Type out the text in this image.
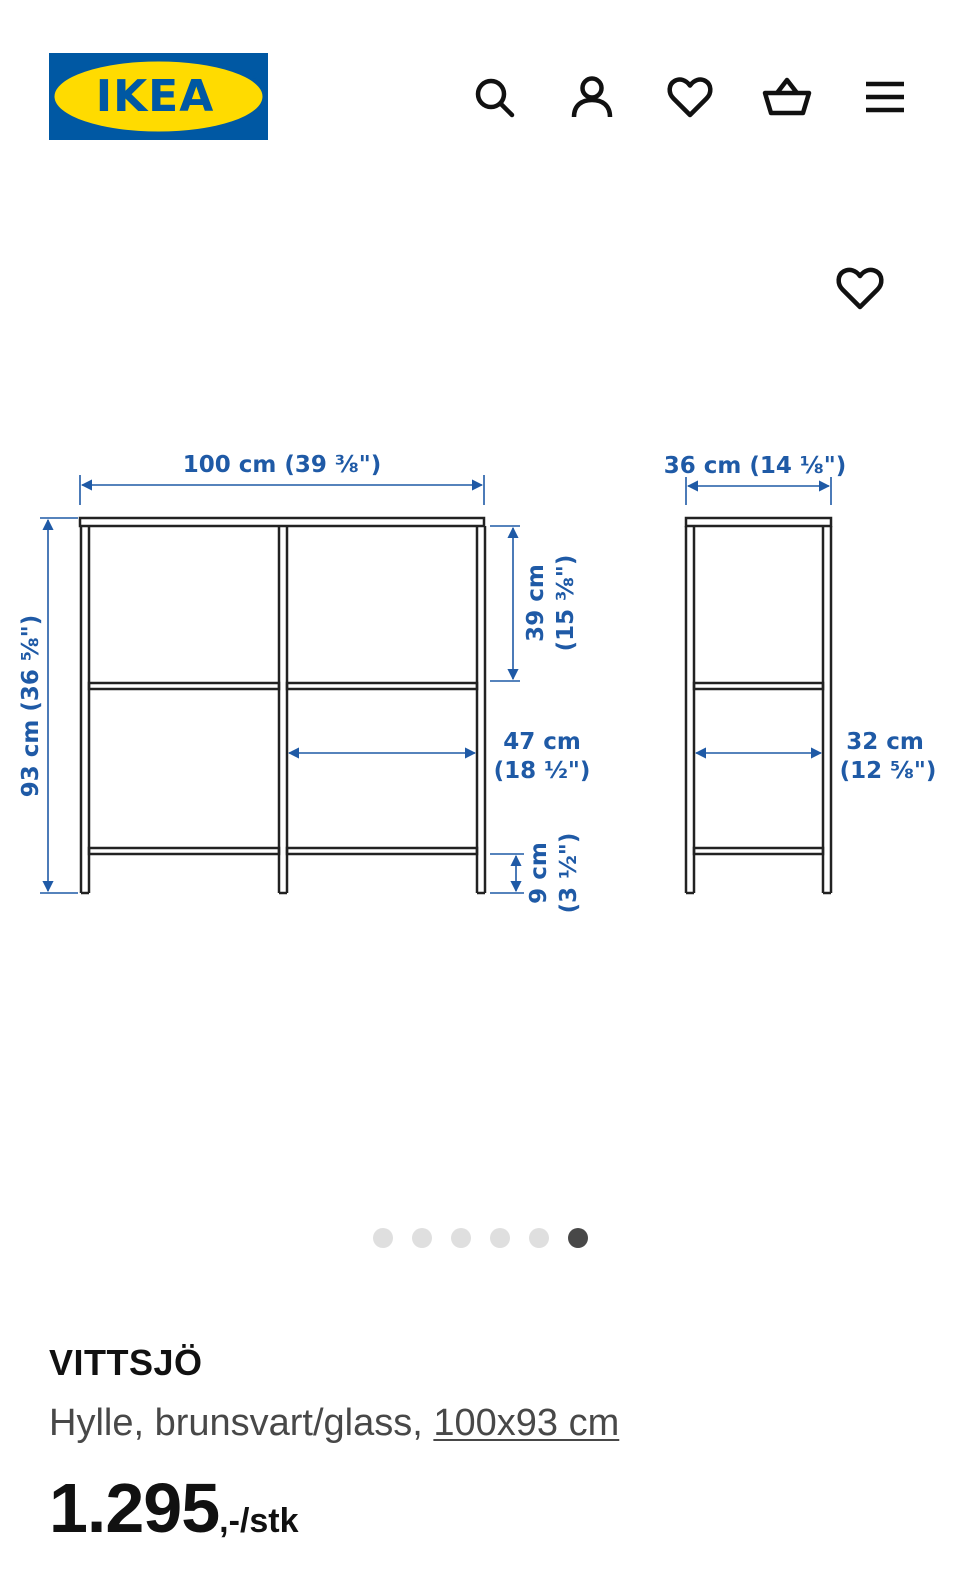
IKEA	®
100 cm (39 ⅜")	36 cm (14 ⅛")
93 cm (36 ⅝")
39 cm (15 ⅜")
47 cm
(18 ½")
9 cm (3 ½")
32 cm
(12 ⅝")
VITTSJÖ
Hylle, brunsvart/glass, 100x93 cm
1.295,-/stk
